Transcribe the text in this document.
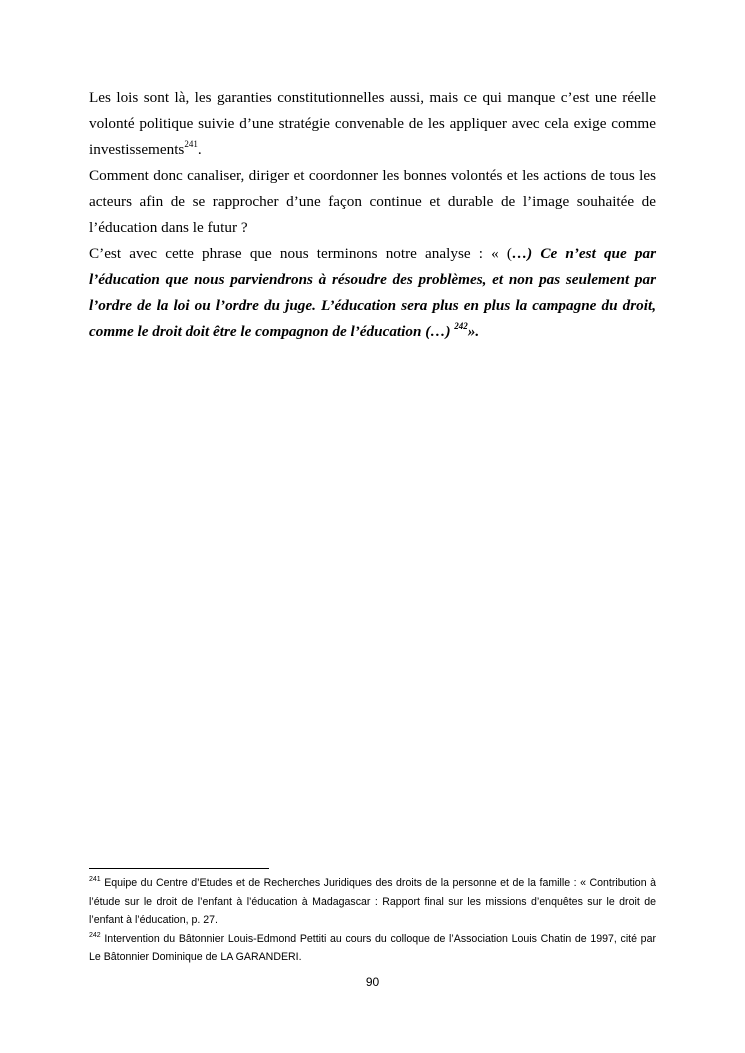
Les lois sont là, les garanties constitutionnelles aussi, mais ce qui manque c’est une réelle volonté politique suivie d’une stratégie convenable de les appliquer avec cela exige comme investissements$^{241}$.

Comment donc canaliser, diriger et coordonner les bonnes volontés et les actions de tous les acteurs afin de se rapprocher d’une façon continue et durable de l’image souhaitée de l’éducation dans le futur ?

C’est avec cette phrase que nous terminons notre analyse : « (…) Ce n’est que par l’éducation que nous parviendrons à résoudre des problèmes, et non pas seulement par l’ordre de la loi ou l’ordre du juge. L’éducation sera plus en plus la campagne du droit, comme le droit doit être le compagnon de l’éducation (…) $^{242}$».

$^{241}$ Equipe du Centre d’Etudes et de Recherches Juridiques des droits de la personne et de la famille : « Contribution à l’étude sur le droit de l’enfant à l’éducation à Madagascar : Rapport final sur les missions d’enquêtes sur le droit de l’enfant à l’éducation, p. 27.

$^{242}$ Intervention du Bâtonnier Louis-Edmond Pettiti au cours du colloque de l’Association Louis Chatin de 1997, cité par Le Bâtonnier Dominique de LA GARANDERI.

90
